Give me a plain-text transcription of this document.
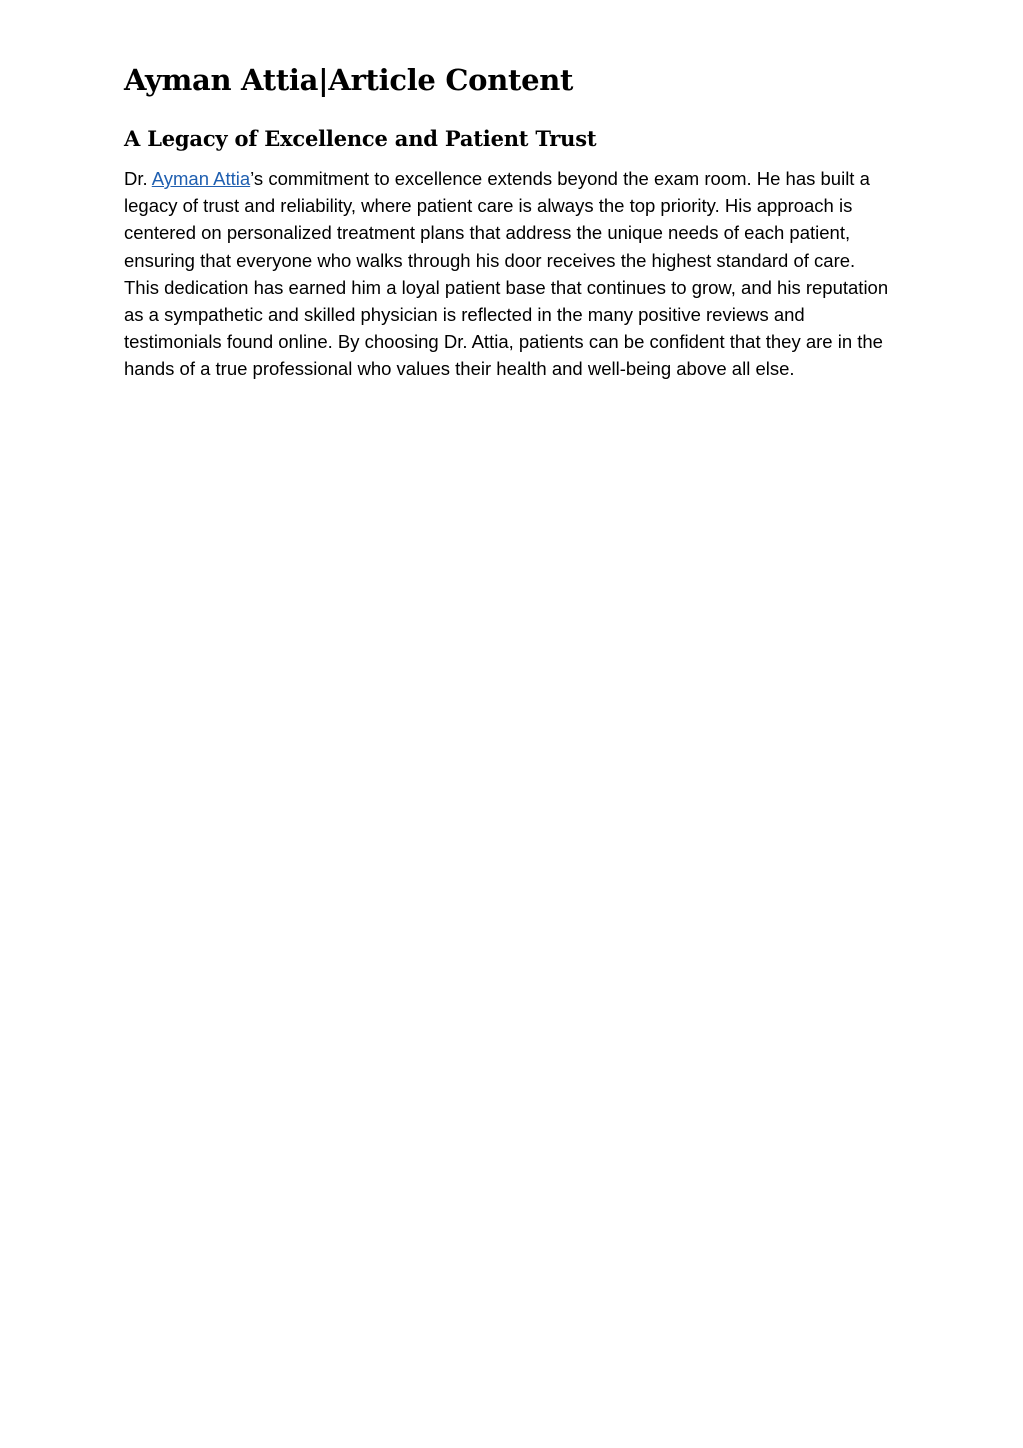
Ayman Attia|Article Content
A Legacy of Excellence and Patient Trust

Dr. Ayman Attia’s commitment to excellence extends beyond the exam room. He has built a legacy of trust and reliability, where patient care is always the top priority. His approach is centered on personalized treatment plans that address the unique needs of each patient, ensuring that everyone who walks through his door receives the highest standard of care. This dedication has earned him a loyal patient base that continues to grow, and his reputation as a sympathetic and skilled physician is reflected in the many positive reviews and testimonials found online. By choosing Dr. Attia, patients can be confident that they are in the hands of a true professional who values their health and well-being above all else.
